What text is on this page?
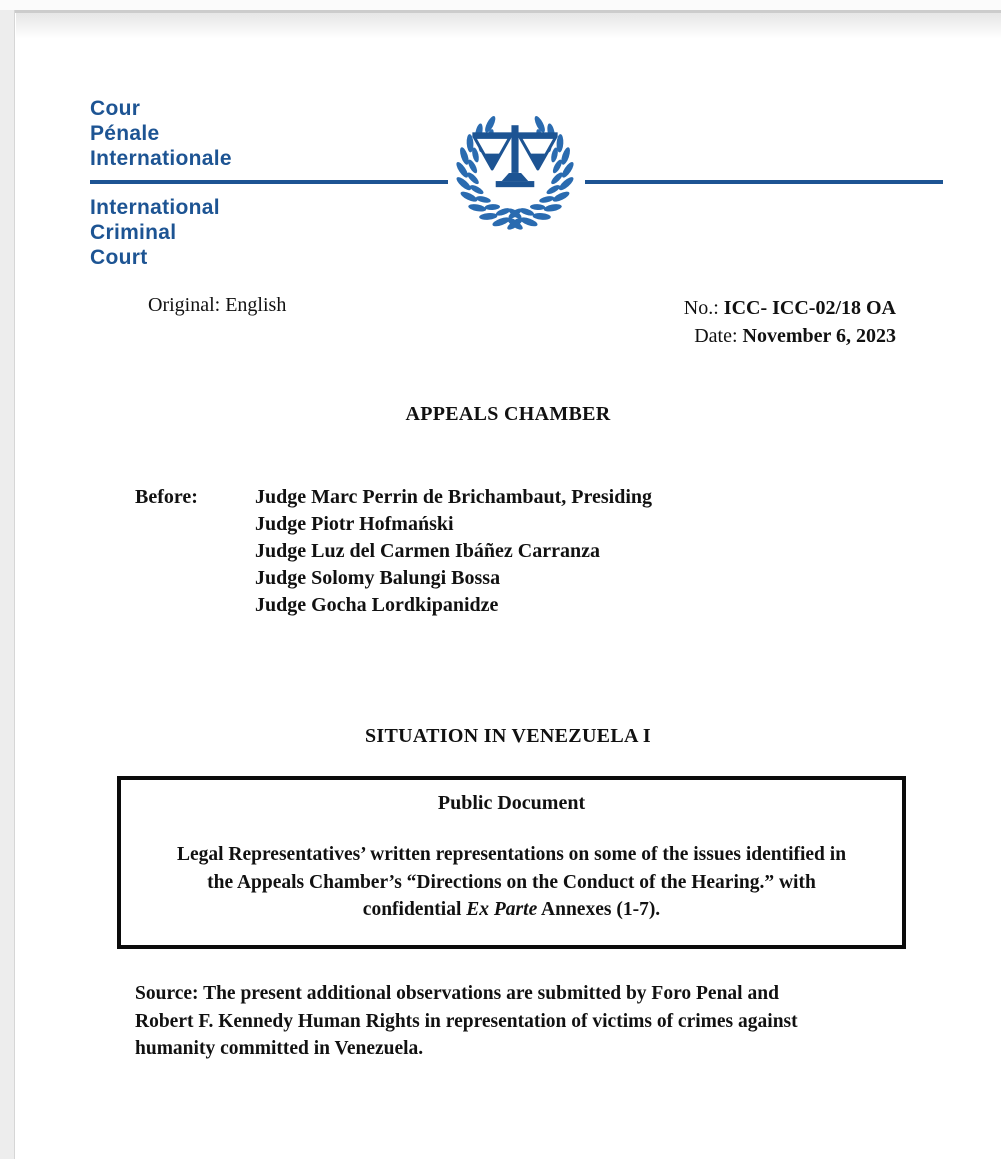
Cour
Pénale
Internationale
International
Criminal
Court
Original: English	No.: ICC- ICC-02/18 OA
Date: November 6, 2023
APPEALS CHAMBER
Before:	Judge Marc Perrin de Brichambaut, Presiding
Judge Piotr Hofmański
Judge Luz del Carmen Ibáñez Carranza
Judge Solomy Balungi Bossa
Judge Gocha Lordkipanidze
SITUATION IN VENEZUELA I
Public Document
Legal Representatives’ written representations on some of the issues identified in
the Appeals Chamber’s “Directions on the Conduct of the Hearing.” with
confidential Ex Parte Annexes (1-7).
Source: The present additional observations are submitted by Foro Penal and
Robert F. Kennedy Human Rights in representation of victims of crimes against
humanity committed in Venezuela.
